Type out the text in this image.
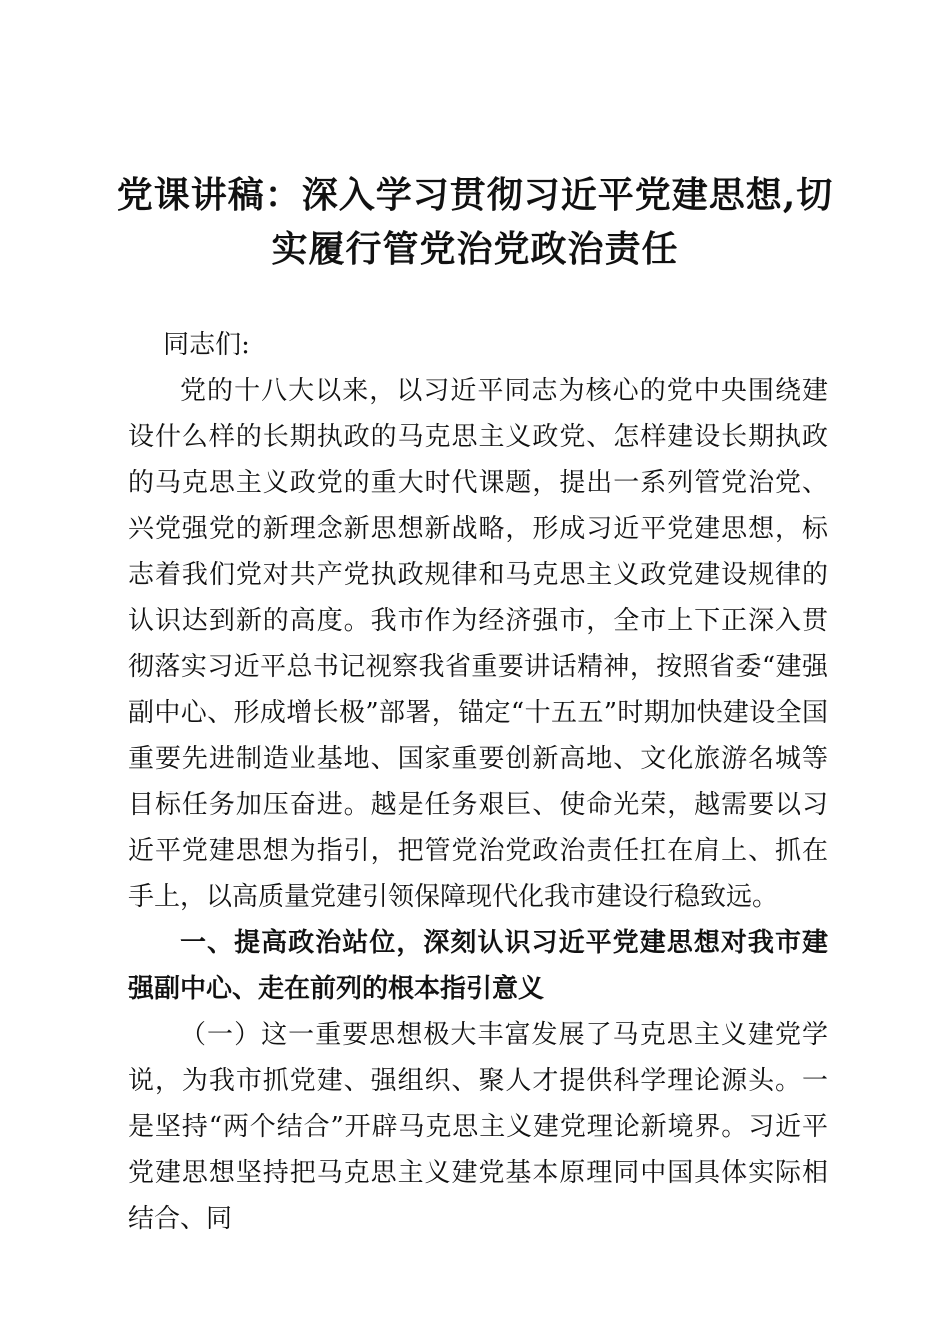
党课讲稿：深入学习贯彻习近平党建思想,切实履行管党治党政治责任

同志们:

党的十八大以来，以习近平同志为核心的党中央围绕建设什么样的长期执政的马克思主义政党、怎样建设长期执政的马克思主义政党的重大时代课题，提出一系列管党治党、兴党强党的新理念新思想新战略，形成习近平党建思想，标志着我们党对共产党执政规律和马克思主义政党建设规律的认识达到新的高度。我市作为经济强市，全市上下正深入贯彻落实习近平总书记视察我省重要讲话精神，按照省委“建强副中心、形成增长极”部署，锚定“十五五”时期加快建设全国重要先进制造业基地、国家重要创新高地、文化旅游名城等目标任务加压奋进。越是任务艰巨、使命光荣，越需要以习近平党建思想为指引，把管党治党政治责任扛在肩上、抓在手上，以高质量党建引领保障现代化我市建设行稳致远。

一、提高政治站位，深刻认识习近平党建思想对我市建强副中心、走在前列的根本指引意义

（一）这一重要思想极大丰富发展了马克思主义建党学说，为我市抓党建、强组织、聚人才提供科学理论源头。一是坚持“两个结合”开辟马克思主义建党理论新境界。习近平党建思想坚持把马克思主义建党基本原理同中国具体实际相结合、同
